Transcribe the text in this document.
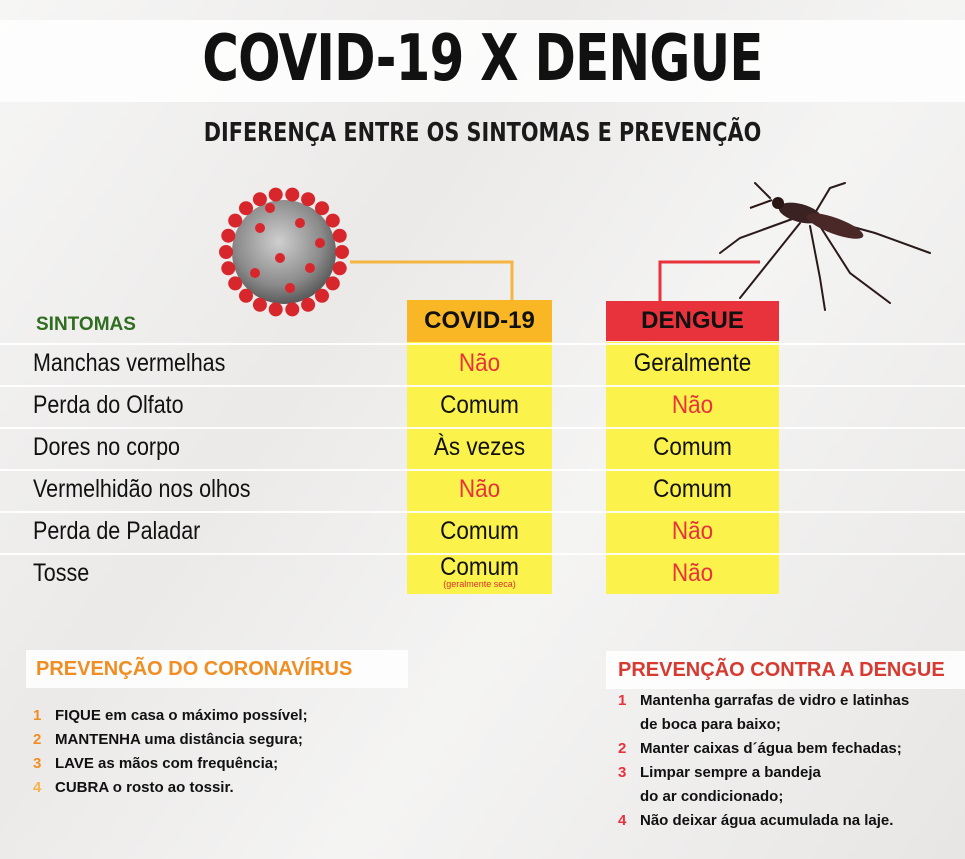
COVID-19 X DENGUE
DIFERENÇA ENTRE OS SINTOMAS E PREVENÇÃO
SINTOMAS	COVID-19	DENGUE
Manchas vermelhas	Não	Geralmente
Perda do Olfato	Comum	Não
Dores no corpo	Às vezes	Comum
Vermelhidão nos olhos	Não	Comum
Perda de Paladar	Comum	Não
Tosse	Comum	Não
(geralmente seca)
PREVENÇÃO DO CORONAVÍRUS
1 FIQUE em casa o máximo possível;
2 MANTENHA uma distância segura;
3 LAVE as mãos com frequência;
4 CUBRA o rosto ao tossir.
PREVENÇÃO CONTRA A DENGUE
1 Mantenha garrafas de vidro e latinhas
de boca para baixo;
2 Manter caixas d´água bem fechadas;
3 Limpar sempre a bandeja
do ar condicionado;
4 Não deixar água acumulada na laje.
